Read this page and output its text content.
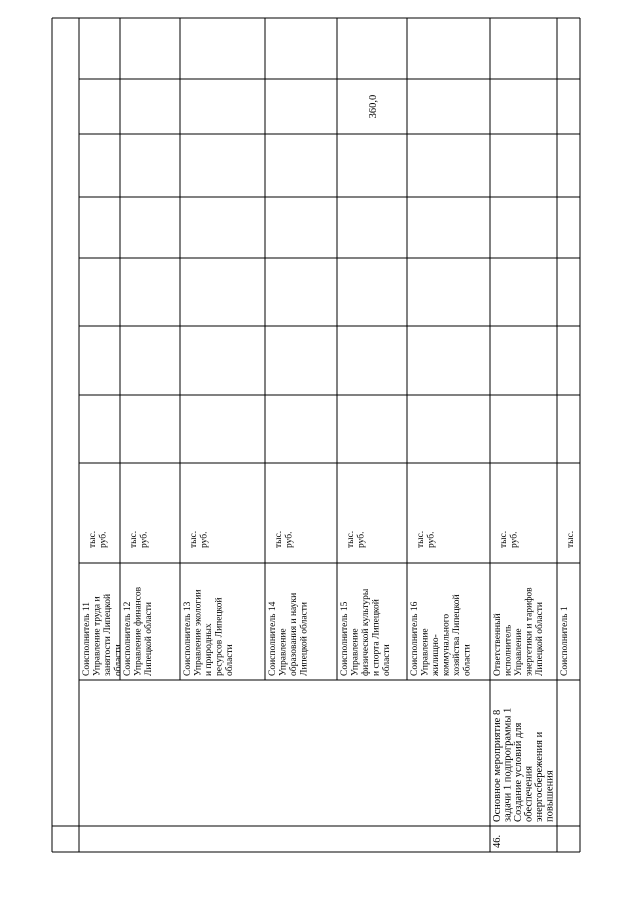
Соисполнитель 11 Управление труда и занятости Липецкой области
тыс. руб.
Соисполнитель 12 Управление финансов Липецкой области
тыс. руб.
Соисполнитель 13 Управление экологии и природных ресурсов Липецкой области
тыс. руб.
Соисполнитель 14 Управление образования и науки Липецкой области
тыс. руб.
Соисполнитель 15 Управление физической культуры и спорта Липецкой области
тыс. руб.
360,0
Соисполнитель 16 Управление жилищно- коммунального хозяйства Липецкой области
тыс. руб.
46.
Основное мероприятие 8 задачи 1 подпрограммы 1 Создание условий для обеспечения энергосбережения и повышения
Ответственный исполнитель Управление энергетики и тарифов Липецкой области
тыс. руб.
Соисполнитель 1
тыс.
